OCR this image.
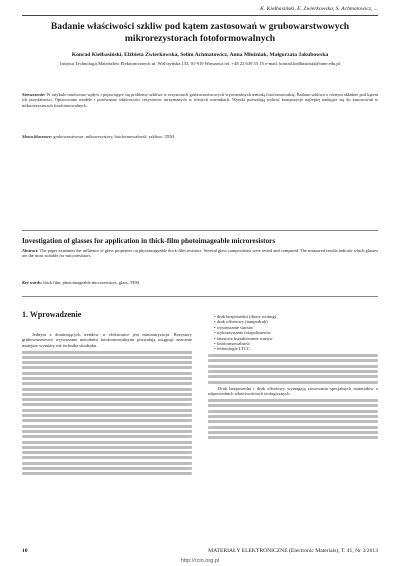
K. Kiełbasiński, E. Zwierkowska, S. Achmatowicz, ...
Badanie właściwości szkliw pod kątem zastosowań w grubowarstwowych mikrorezystorach fotoformowalnych
Konrad Kiełbasiński, Elżbieta Zwierkowska, Selim Achmatowicz, Anna Młożniak, Małgorzata Jakubowska
Instytut Technologii Materiałów Elektronicznych ul. Wólczyńska 133, 01-919 Warszawa tel. +48 22 639 55 15 e-mail: konrad.kielbasinski@itme.edu.pl
Streszczenie: W artykule omówiono wpływ i pojawiające się problemy szkliwa w rezystorach grubowarstwowych wytwarzanych metodą fotoformowalną. Badano szkliwa o różnym składzie pod kątem ich przydatności. Opracowano modele i porównano właściwości rezystorów otrzymanych w różnych warunkach. Wyniki pozwalają wybrać kompozycje najlepiej nadające się do zastosowań w mikrorezystorach fotoformowalnych.
Słowa kluczowe: grubowarstwowe, mikrorezystory, fotoformowalność, szkliwo, TEM
Investigation of glasses for application in thick-film photoimageable microresistors
Abstract: The paper examines the influence of glass properties on photoimageable thick-film resistors. Several glass compositions were tested and compared. The measured results indicate which glasses are the most suitable for microresistors.
Key words: thick film, photoimageable microresistors, glass, TEM
1. Wprowadzenie

Jednym z dominujących trendów w elektronice jest miniaturyzacja. Rezystory grubowarstwowe wytwarzane metodami fotoformowalnymi pozwalają osiągnąć znacznie mniejsze wymiary niż technika sitodruku.

• druk bezpośredni (direct writing)
• druk offsetowy (tampodruk)
• wytrawianie warstw
• wykorzystanie fotopolimerów
• laserowe kształtowanie warstw
• fotoformowalność
• technologie LTCC

Druk bezpośredni i druk offsetowy wymagają stosowania specjalnych materiałów o odpowiednich właściwościach reologicznych.

10	MATERIAŁY ELEKTRONICZNE (Electronic Materials), T. 41, Nr 3/2013
http://rcin.org.pl
